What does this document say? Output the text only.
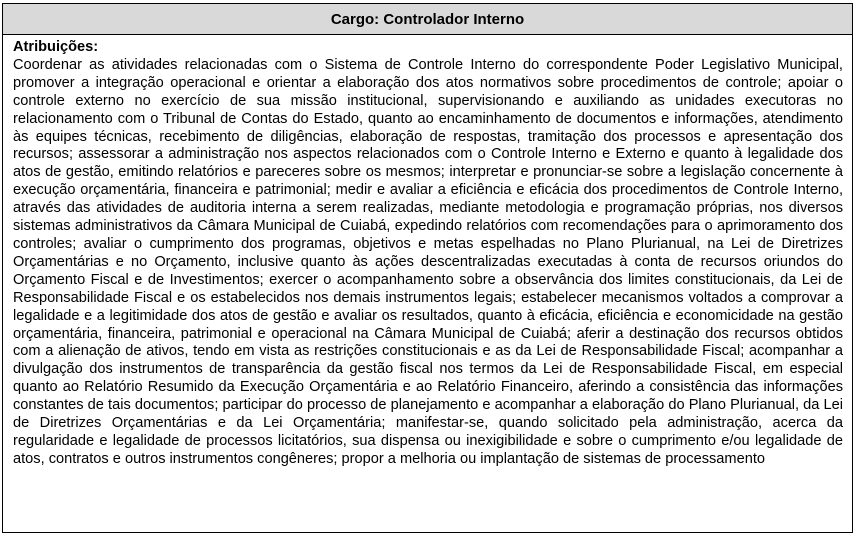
Cargo: Controlador Interno
Atribuições:

Coordenar as atividades relacionadas com o Sistema de Controle Interno do correspondente Poder Legislativo Municipal, promover a integração operacional e orientar a elaboração dos atos normativos sobre procedimentos de controle; apoiar o controle externo no exercício de sua missão institucional, supervisionando e auxiliando as unidades executoras no relacionamento com o Tribunal de Contas do Estado, quanto ao encaminhamento de documentos e informações, atendimento às equipes técnicas, recebimento de diligências, elaboração de respostas, tramitação dos processos e apresentação dos recursos; assessorar a administração nos aspectos relacionados com o Controle Interno e Externo e quanto à legalidade dos atos de gestão, emitindo relatórios e pareceres sobre os mesmos; interpretar e pronunciar-se sobre a legislação concernente à execução orçamentária, financeira e patrimonial; medir e avaliar a eficiência e eficácia dos procedimentos de Controle Interno, através das atividades de auditoria interna a serem realizadas, mediante metodologia e programação próprias, nos diversos sistemas administrativos da Câmara Municipal de Cuiabá, expedindo relatórios com recomendações para o aprimoramento dos controles; avaliar o cumprimento dos programas, objetivos e metas espelhadas no Plano Plurianual, na Lei de Diretrizes Orçamentárias e no Orçamento, inclusive quanto às ações descentralizadas executadas à conta de recursos oriundos do Orçamento Fiscal e de Investimentos; exercer o acompanhamento sobre a observância dos limites constitucionais, da Lei de Responsabilidade Fiscal e os estabelecidos nos demais instrumentos legais; estabelecer mecanismos voltados a comprovar a legalidade e a legitimidade dos atos de gestão e avaliar os resultados, quanto à eficácia, eficiência e economicidade na gestão orçamentária, financeira, patrimonial e operacional na Câmara Municipal de Cuiabá; aferir a destinação dos recursos obtidos com a alienação de ativos, tendo em vista as restrições constitucionais e as da Lei de Responsabilidade Fiscal; acompanhar a divulgação dos instrumentos de transparência da gestão fiscal nos termos da Lei de Responsabilidade Fiscal, em especial quanto ao Relatório Resumido da Execução Orçamentária e ao Relatório Financeiro, aferindo a consistência das informações constantes de tais documentos; participar do processo de planejamento e acompanhar a elaboração do Plano Plurianual, da Lei de Diretrizes Orçamentárias e da Lei Orçamentária; manifestar-se, quando solicitado pela administração, acerca da regularidade e legalidade de processos licitatórios, sua dispensa ou inexigibilidade e sobre o cumprimento e/ou legalidade de atos, contratos e outros instrumentos congêneres; propor a melhoria ou implantação de sistemas de processamento
